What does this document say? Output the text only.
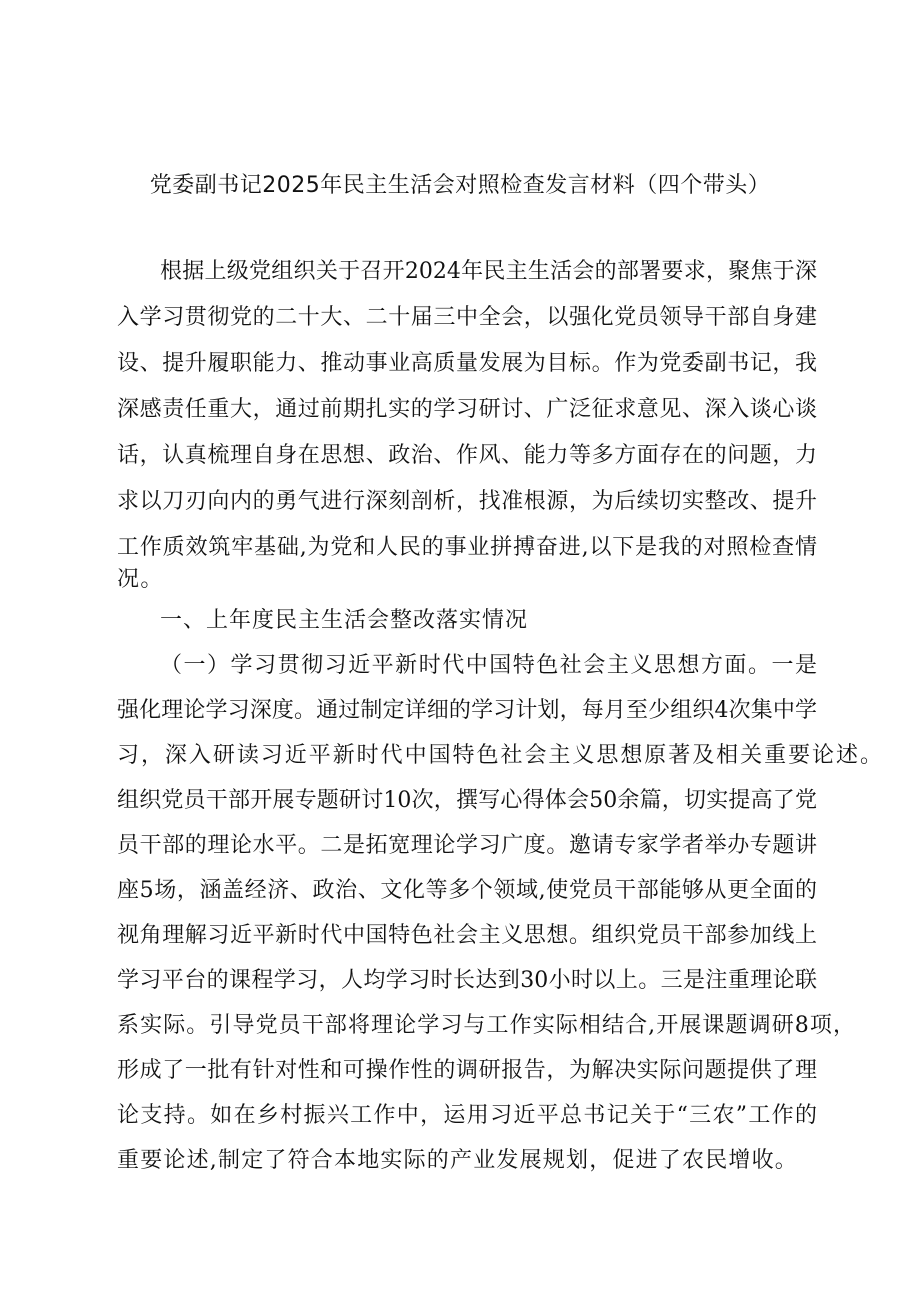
党委副书记2025年民主生活会对照检查发言材料（四个带头）
根据上级党组织关于召开2024年民主生活会的部署要求，聚焦于深
入学习贯彻党的二十大、二十届三中全会，以强化党员领导干部自身建
设、提升履职能力、推动事业高质量发展为目标。作为党委副书记，我
深感责任重大，通过前期扎实的学习研讨、广泛征求意见、深入谈心谈
话，认真梳理自身在思想、政治、作风、能力等多方面存在的问题，力
求以刀刃向内的勇气进行深刻剖析，找准根源，为后续切实整改、提升
工作质效筑牢基础,为党和人民的事业拼搏奋进,以下是我的对照检查情
况。
一、上年度民主生活会整改落实情况
（一）学习贯彻习近平新时代中国特色社会主义思想方面。一是
强化理论学习深度。通过制定详细的学习计划，每月至少组织4次集中学
习，深入研读习近平新时代中国特色社会主义思想原著及相关重要论述。
组织党员干部开展专题研讨10次，撰写心得体会50余篇，切实提高了党
员干部的理论水平。二是拓宽理论学习广度。邀请专家学者举办专题讲
座5场，涵盖经济、政治、文化等多个领域,使党员干部能够从更全面的
视角理解习近平新时代中国特色社会主义思想。组织党员干部参加线上
学习平台的课程学习，人均学习时长达到30小时以上。三是注重理论联
系实际。引导党员干部将理论学习与工作实际相结合,开展课题调研8项，
形成了一批有针对性和可操作性的调研报告，为解决实际问题提供了理
论支持。如在乡村振兴工作中，运用习近平总书记关于“三农”工作的
重要论述,制定了符合本地实际的产业发展规划，促进了农民增收。
